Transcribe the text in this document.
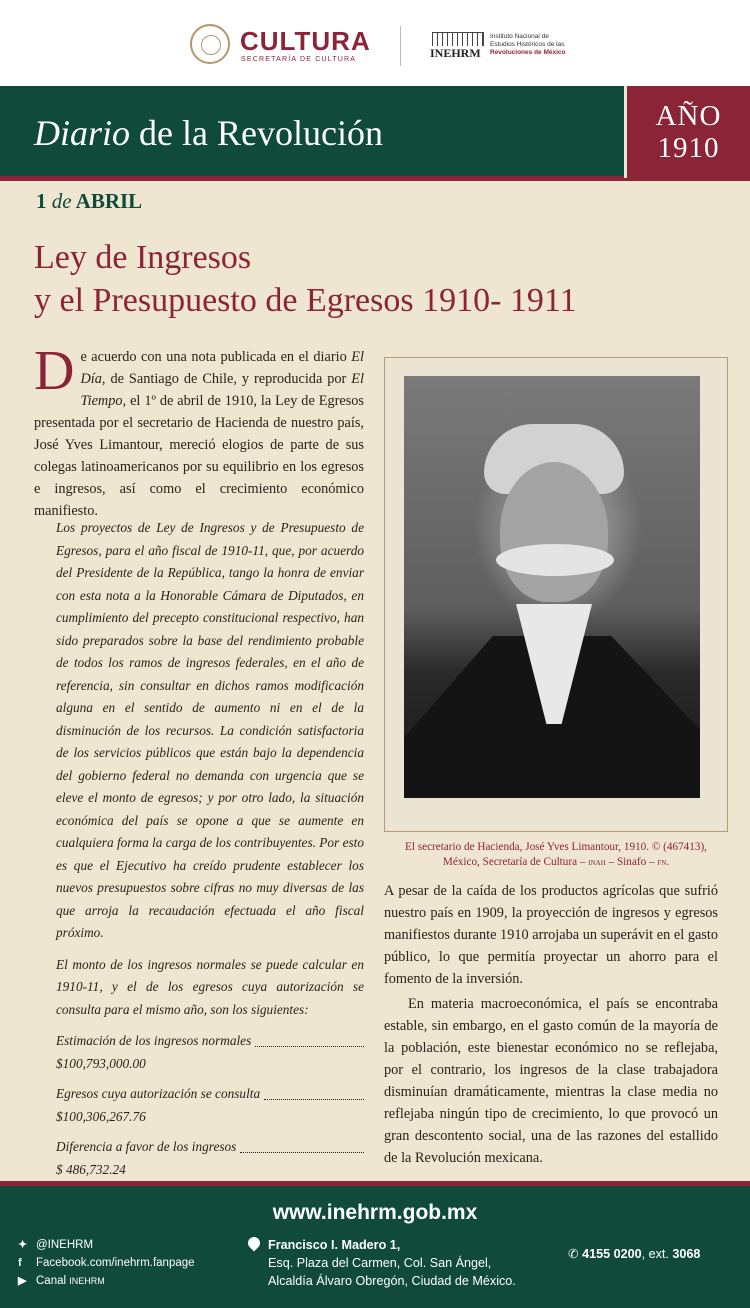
CULTURA
SECRETARÍA DE CULTURA	INEHRM
Instituto Nacional de
Estudios Históricos de las
Revoluciones de México
Diario de la Revolución	AÑO
1910
1 de ABRIL
Ley de Ingresos
y el Presupuesto de Egresos 1910- 1911
De acuerdo con una nota publicada en el diario El Día, de Santiago de Chile, y reproducida por El Tiempo, el 1º de abril de 1910, la Ley de Egresos presentada por el secretario de Hacienda de nuestro país, José Yves Limantour, mereció elogios de parte de sus colegas latinoamericanos por su equilibrio en los egresos e ingresos, así como el crecimiento económico manifiesto.

Los proyectos de Ley de Ingresos y de Presupuesto de Egresos, para el año fiscal de 1910-11, que, por acuerdo del Presidente de la República, tango la honra de enviar con esta nota a la Honorable Cámara de Diputados, en cumplimiento del precepto constitucional respectivo, han sido preparados sobre la base del rendimiento probable de todos los ramos de ingresos federales, en el año de referencia, sin consultar en dichos ramos modificación alguna en el sentido de aumento ni en el de la disminución de los recursos. La condición satisfactoria de los servicios públicos que están bajo la dependencia del gobierno federal no demanda con urgencia que se eleve el monto de egresos; y por otro lado, la situación económica del país se opone a que se aumente en cualquiera forma la carga de los contribuyentes. Por esto es que el Ejecutivo ha creído prudente establecer los nuevos presupuestos sobre cifras no muy diversas de las que arroja la recaudación efectuada el año fiscal próximo.

El monto de los ingresos normales se puede calcular en 1910-11, y el de los egresos cuya autorización se consulta para el mismo año, son los siguientes:

Estimación de los ingresos normales
$100,793,000.00
Egresos cuya autorización se consulta
$100,306,267.76
Diferencia a favor de los ingresos
$ 486,732.24
El secretario de Hacienda, José Yves Limantour, 1910. © (467413),
México, Secretaría de Cultura – inah – Sinafo – fn.

A pesar de la caída de los productos agrícolas que sufrió nuestro país en 1909, la proyección de ingresos y egresos manifiestos durante 1910 arrojaba un superávit en el gasto público, lo que permitía proyectar un ahorro para el fomento de la inversión.

En materia macroeconómica, el país se encontraba estable, sin embargo, en el gasto común de la mayoría de la población, este bienestar económico no se reflejaba, por el contrario, los ingresos de la clase trabajadora disminuían dramáticamente, mientras la clase media no reflejaba ningún tipo de crecimiento, lo que provocó un gran descontento social, una de las razones del estallido de la Revolución mexicana.

www.inehrm.gob.mx
✦ @INEHRM
f Facebook.com/inehrm.fanpage
▶ Canal INEHRM
Francisco I. Madero 1,
Esq. Plaza del Carmen, Col. San Ángel,
Alcaldía Álvaro Obregón, Ciudad de México.
✆ 4155 0200, ext. 3068
